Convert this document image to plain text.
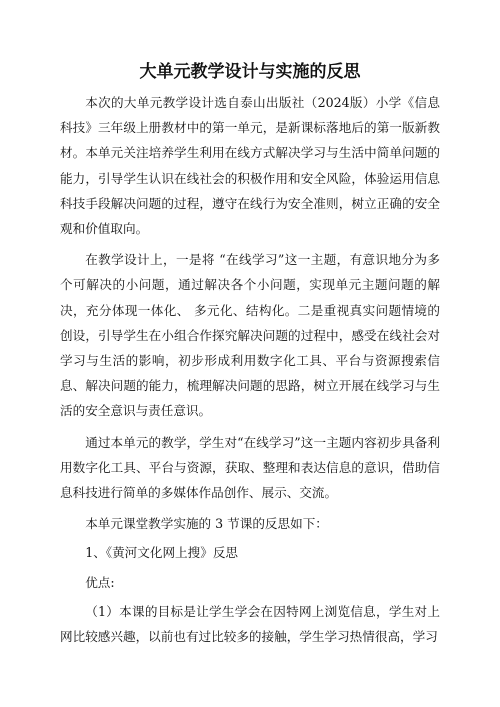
大单元教学设计与实施的反思

本次的大单元教学设计选自泰山出版社（2024版）小学《信息科技》三年级上册教材中的第一单元，是新课标落地后的第一版新教材。本单元关注培养学生利用在线方式解决学习与生活中简单问题的能力，引导学生认识在线社会的积极作用和安全风险，体验运用信息科技手段解决问题的过程，遵守在线行为安全准则，树立正确的安全观和价值取向。

在教学设计上，一是将 “在线学习”这一主题，有意识地分为多个可解决的小问题，通过解决各个小问题，实现单元主题问题的解决，充分体现一体化、 多元化、结构化。二是重视真实问题情境的创设，引导学生在小组合作探究解决问题的过程中，感受在线社会对学习与生活的影响，初步形成利用数字化工具、平台与资源搜索信息、解决问题的能力，梳理解决问题的思路，树立开展在线学习与生活的安全意识与责任意识。

通过本单元的教学，学生对“在线学习”这一主题内容初步具备利用数字化工具、平台与资源，获取、整理和表达信息的意识，借助信息科技进行简单的多媒体作品创作、展示、交流。

本单元课堂教学实施的 3 节课的反思如下：

1、《黄河文化网上搜》反思

优点:

（1）本课的目标是让学生学会在因特网上浏览信息，学生对上网比较感兴趣，以前也有过比较多的接触，学生学习热情很高，学习
